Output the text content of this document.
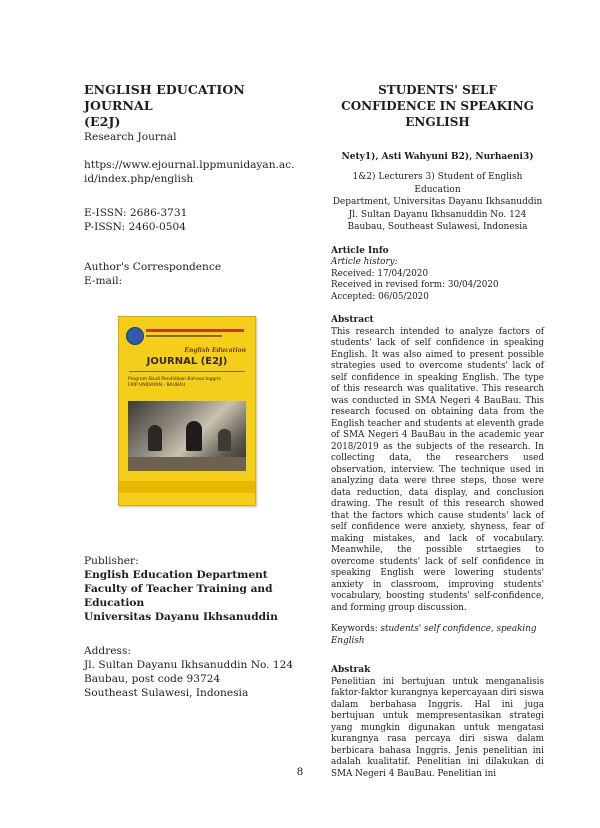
ENGLISH EDUCATION JOURNAL
(E2J)
Research Journal
https://www.ejournal.lppmunidayan.ac.
id/index.php/english
E-ISSN: 2686-3731
P-ISSN: 2460-0504
Author's Correspondence
E-mail:
English Education
JOURNAL (E2J)
Program Studi Pendidikan Bahasa Inggris
FKIP UNIDAYAN - BAUBAU
Publisher:
English Education Department
Faculty of Teacher Training and
Education
Universitas Dayanu Ikhsanuddin
Address:
Jl. Sultan Dayanu Ikhsanuddin No. 124
Baubau, post code 93724
Southeast Sulawesi, Indonesia
STUDENTS' SELF CONFIDENCE IN SPEAKING ENGLISH
Nety1), Asti Wahyuni B2), Nurhaeni3)
1&2) Lecturers 3) Student of English Education
Department, Universitas Dayanu Ikhsanuddin
Jl. Sultan Dayanu Ikhsanuddin No. 124
Baubau, Southeast Sulawesi, Indonesia
Article Info
Article history:
Received: 17/04/2020
Received in revised form: 30/04/2020
Accepted: 06/05/2020
Abstract
This research intended to analyze factors of students' lack of self confidence in speaking English. It was also aimed to present possible strategies used to overcome students' lack of self confidence in speaking English. The type of this research was qualitative. This research was conducted in SMA Negeri 4 BauBau. This research focused on obtaining data from the English teacher and students at eleventh grade of SMA Negeri 4 BauBau in the academic year 2018/2019 as the subjects of the research. In collecting data, the researchers used observation, interview. The technique used in analyzing data were three steps, those were data reduction, data display, and conclusion drawing. The result of this research showed that the factors which cause students' lack of self confidence were anxiety, shyness, fear of making mistakes, and lack of vocabulary. Meanwhile, the possible strtaegies to overcome students' lack of self confidence in speaking English were lowering students' anxiety in classroom, improving students' vocabulary, boosting students' self-confidence, and forming group discussion.
Keywords: students' self confidence, speaking English
Abstrak
Penelitian ini bertujuan untuk menganalisis faktor-faktor kurangnya kepercayaan diri siswa dalam berbahasa Inggris. Hal ini juga bertujuan untuk mempresentasikan strategi yang mungkin digunakan untuk mengatasi kurangnya rasa percaya diri siswa dalam berbicara bahasa Inggris. Jenis penelitian ini adalah kualitatif. Penelitian ini dilakukan di SMA Negeri 4 BauBau. Penelitian ini
8
